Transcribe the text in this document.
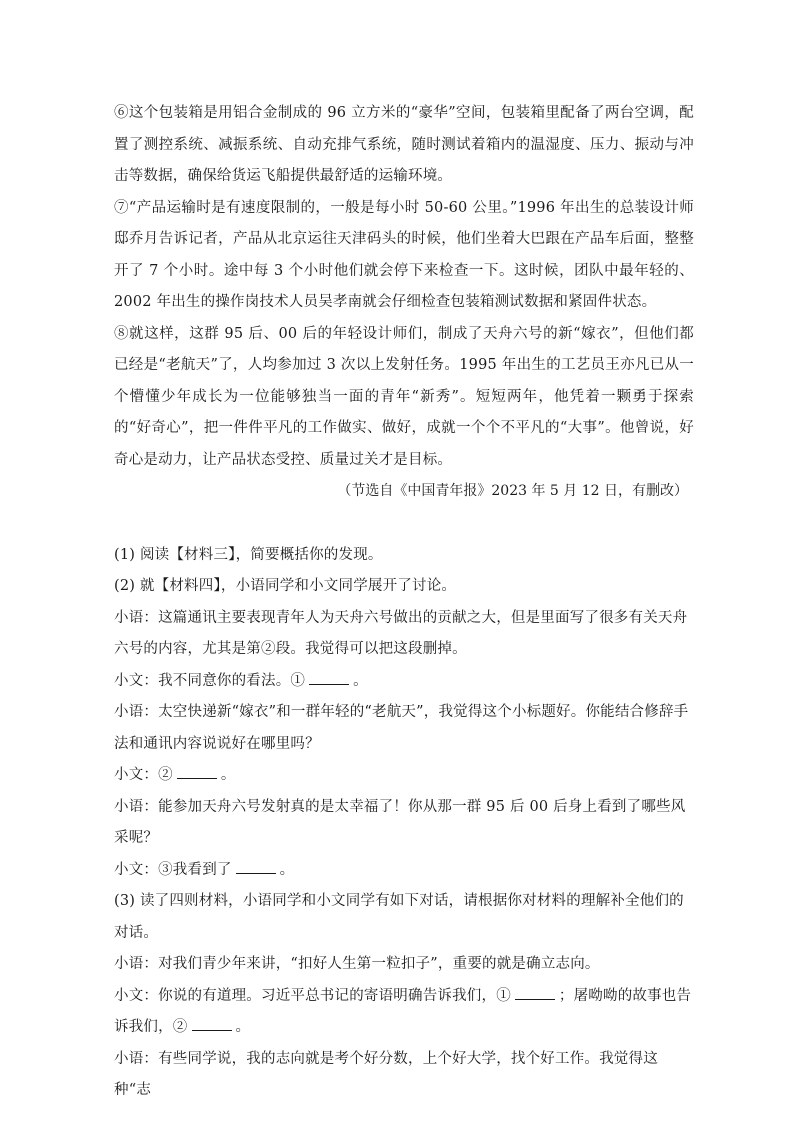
⑥这个包装箱是用铝合金制成的 96 立方米的“豪华”空间，包装箱里配备了两台空调，配置了测控系统、减振系统、自动充排气系统，随时测试着箱内的温湿度、压力、振动与冲击等数据，确保给货运飞船提供最舒适的运输环境。

⑦“产品运输时是有速度限制的，一般是每小时 50-60 公里。”1996 年出生的总装设计师邸乔月告诉记者，产品从北京运往天津码头的时候，他们坐着大巴跟在产品车后面，整整开了 7 个小时。途中每 3 个小时他们就会停下来检查一下。这时候，团队中最年轻的、2002 年出生的操作岗技术人员吴孝南就会仔细检查包装箱测试数据和紧固件状态。

⑧就这样，这群 95 后、00 后的年轻设计师们，制成了天舟六号的新“嫁衣”，但他们都已经是“老航天”了，人均参加过 3 次以上发射任务。1995 年出生的工艺员王亦凡已从一个懵懂少年成长为一位能够独当一面的青年“新秀”。短短两年，他凭着一颗勇于探索的“好奇心”，把一件件平凡的工作做实、做好，成就一个个不平凡的“大事”。他曾说，好奇心是动力，让产品状态受控、质量过关才是目标。

（节选自《中国青年报》2023 年 5 月 12 日，有删改）

(1) 阅读【材料三】，简要概括你的发现。

(2) 就【材料四】，小语同学和小文同学展开了讨论。

小语：这篇通讯主要表现青年人为天舟六号做出的贡献之大，但是里面写了很多有关天舟六号的内容，尤其是第②段。我觉得可以把这段删掉。

小文：我不同意你的看法。①	。

小语：太空快递新“嫁衣”和一群年轻的“老航天”，我觉得这个小标题好。你能结合修辞手法和通讯内容说说好在哪里吗？

小文：②	。

小语：能参加天舟六号发射真的是太幸福了！你从那一群 95 后 00 后身上看到了哪些风采呢？

小文：③我看到了	。

(3) 读了四则材料，小语同学和小文同学有如下对话，请根据你对材料的理解补全他们的对话。

小语：对我们青少年来讲，“扣好人生第一粒扣子”，重要的就是确立志向。

小文：你说的有道理。习近平总书记的寄语明确告诉我们，①	；屠呦呦的故事也告诉我们，②	。

小语：有些同学说，我的志向就是考个好分数，上个好大学，找个好工作。我觉得这种“志
